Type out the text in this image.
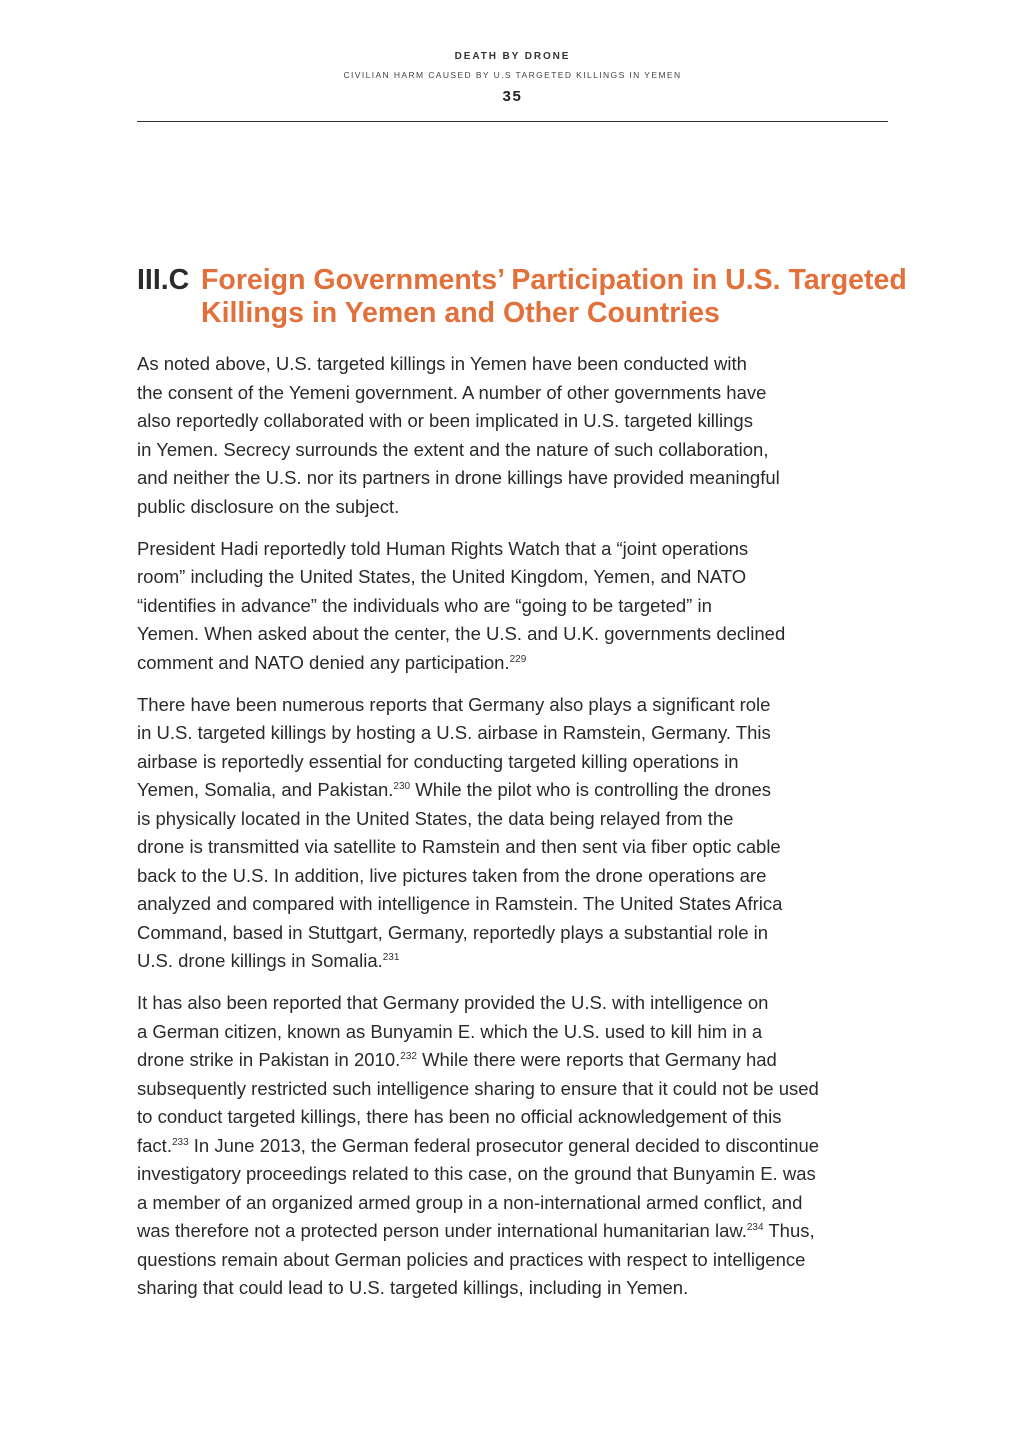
DEATH BY DRONE
CIVILIAN HARM CAUSED BY U.S TARGETED KILLINGS IN YEMEN
35
III.C Foreign Governments’ Participation in U.S. Targeted Killings in Yemen and Other Countries

As noted above, U.S. targeted killings in Yemen have been conducted with
the consent of the Yemeni government. A number of other governments have
also reportedly collaborated with or been implicated in U.S. targeted killings
in Yemen. Secrecy surrounds the extent and the nature of such collaboration,
and neither the U.S. nor its partners in drone killings have provided meaningful
public disclosure on the subject.

President Hadi reportedly told Human Rights Watch that a “joint operations
room” including the United States, the United Kingdom, Yemen, and NATO
“identifies in advance” the individuals who are “going to be targeted” in
Yemen. When asked about the center, the U.S. and U.K. governments declined
comment and NATO denied any participation.$^{229}$

There have been numerous reports that Germany also plays a significant role
in U.S. targeted killings by hosting a U.S. airbase in Ramstein, Germany. This
airbase is reportedly essential for conducting targeted killing operations in
Yemen, Somalia, and Pakistan.$^{230}$ While the pilot who is controlling the drones
is physically located in the United States, the data being relayed from the
drone is transmitted via satellite to Ramstein and then sent via fiber optic cable
back to the U.S. In addition, live pictures taken from the drone operations are
analyzed and compared with intelligence in Ramstein. The United States Africa
Command, based in Stuttgart, Germany, reportedly plays a substantial role in
U.S. drone killings in Somalia.$^{231}$

It has also been reported that Germany provided the U.S. with intelligence on
a German citizen, known as Bunyamin E. which the U.S. used to kill him in a
drone strike in Pakistan in 2010.$^{232}$ While there were reports that Germany had
subsequently restricted such intelligence sharing to ensure that it could not be used
to conduct targeted killings, there has been no official acknowledgement of this
fact.$^{233}$ In June 2013, the German federal prosecutor general decided to discontinue
investigatory proceedings related to this case, on the ground that Bunyamin E. was
a member of an organized armed group in a non-international armed conflict, and
was therefore not a protected person under international humanitarian law.$^{234}$ Thus,
questions remain about German policies and practices with respect to intelligence
sharing that could lead to U.S. targeted killings, including in Yemen.
